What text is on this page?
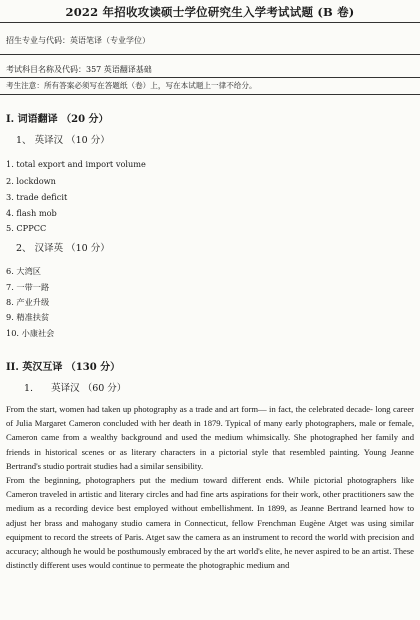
2022 年招收攻读硕士学位研究生入学考试试题 (B 卷)
招生专业与代码：英语笔译（专业学位）
考试科目名称及代码：357 英语翻译基础
考生注意：所有答案必须写在答题纸（卷）上，写在本试题上一律不给分。
I. 词语翻译 （20 分）
1、 英译汉 （10 分）
1. total export and import volume
2. lockdown
3. trade deficit
4. flash mob
5. CPPCC
2、 汉译英 （10 分）
6. 大湾区
7. 一带一路
8. 产业升级
9. 精准扶贫
10. 小康社会
II. 英汉互译 （130 分）
1.      英译汉 （60 分）

From the start, women had taken up photography as a trade and art form— in fact, the celebrated decade- long career of Julia Margaret Cameron concluded with her death in 1879. Typical of many early photographers, male or female, Cameron came from a wealthy background and used the medium whimsically. She photographed her family and friends in historical scenes or as literary characters in a pictorial style that resembled painting. Young Jeanne Bertrand's studio portrait studies had a similar sensibility.

From the beginning, photographers put the medium toward different ends. While pictorial photographers like Cameron traveled in artistic and literary circles and had fine arts aspirations for their work, other practitioners saw the medium as a recording device best employed without embellishment. In 1899, as Jeanne Bertrand learned how to adjust her brass and mahogany studio camera in Connecticut, fellow Frenchman Eugène Atget was using similar equipment to record the streets of Paris. Atget saw the camera as an instrument to record the world with precision and accuracy; although he would be posthumously embraced by the art world's elite, he never aspired to be an artist. These distinctly different uses would continue to permeate the photographic medium and
